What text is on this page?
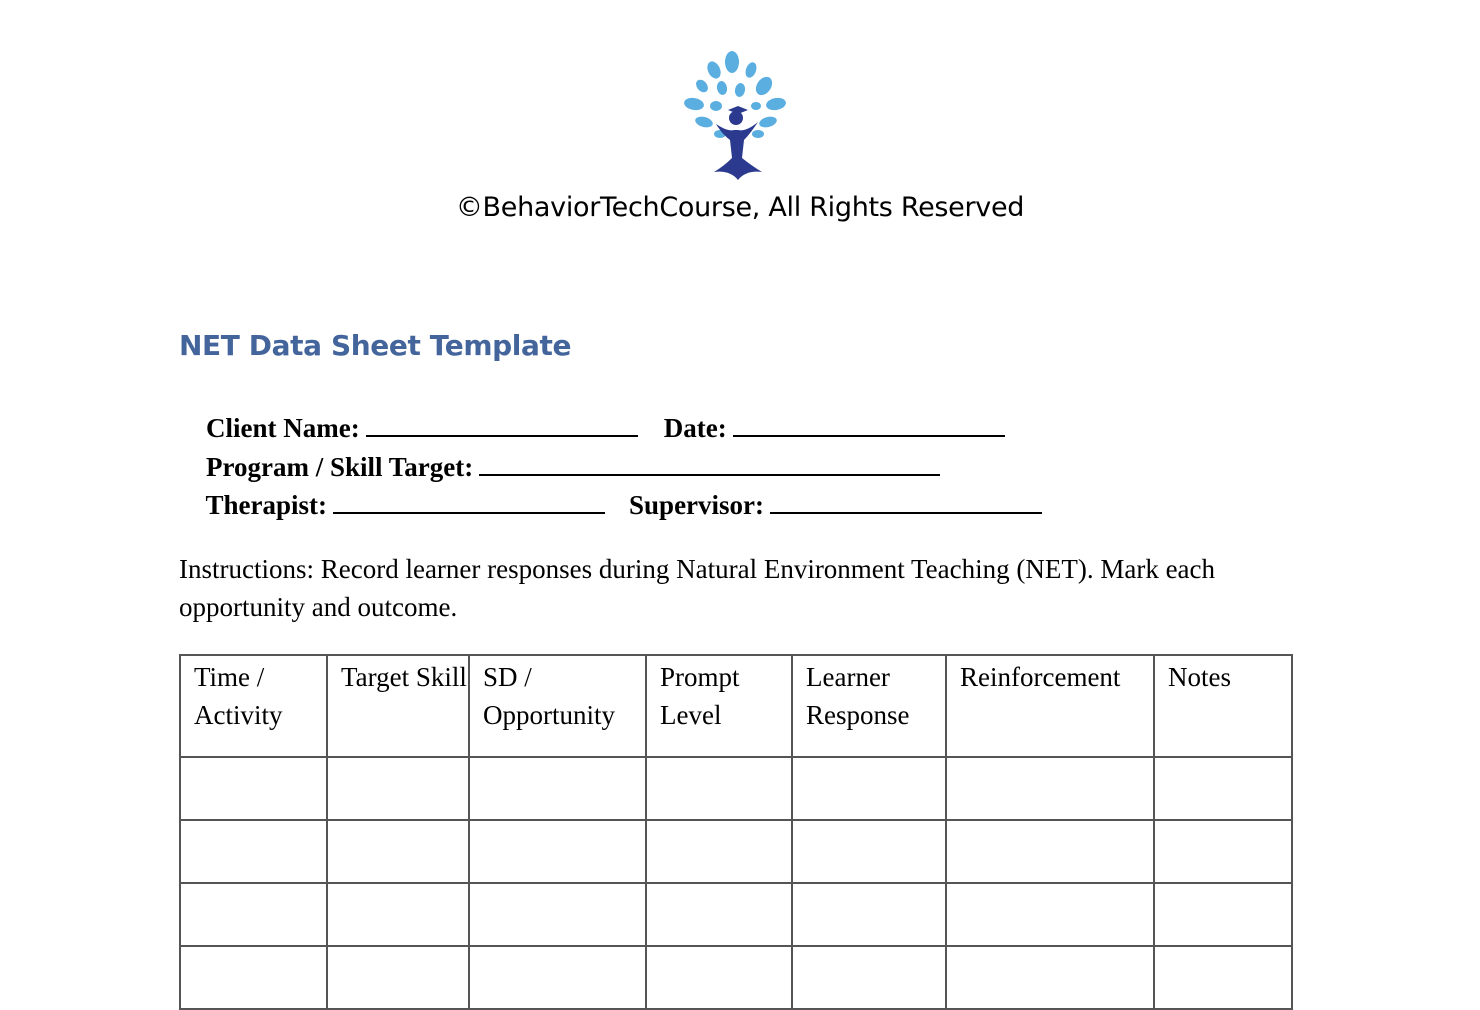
©BehaviorTechCourse, All Rights Reserved
NET Data Sheet Template

Client Name:	Date:

Program / Skill Target:

Therapist:	Supervisor:

Instructions: Record learner responses during Natural Environment Teaching (NET). Mark each opportunity and outcome.
Time / Activity	Target Skill	SD / Opportunity	Prompt Level	Learner Response	Reinforcement	Notes
